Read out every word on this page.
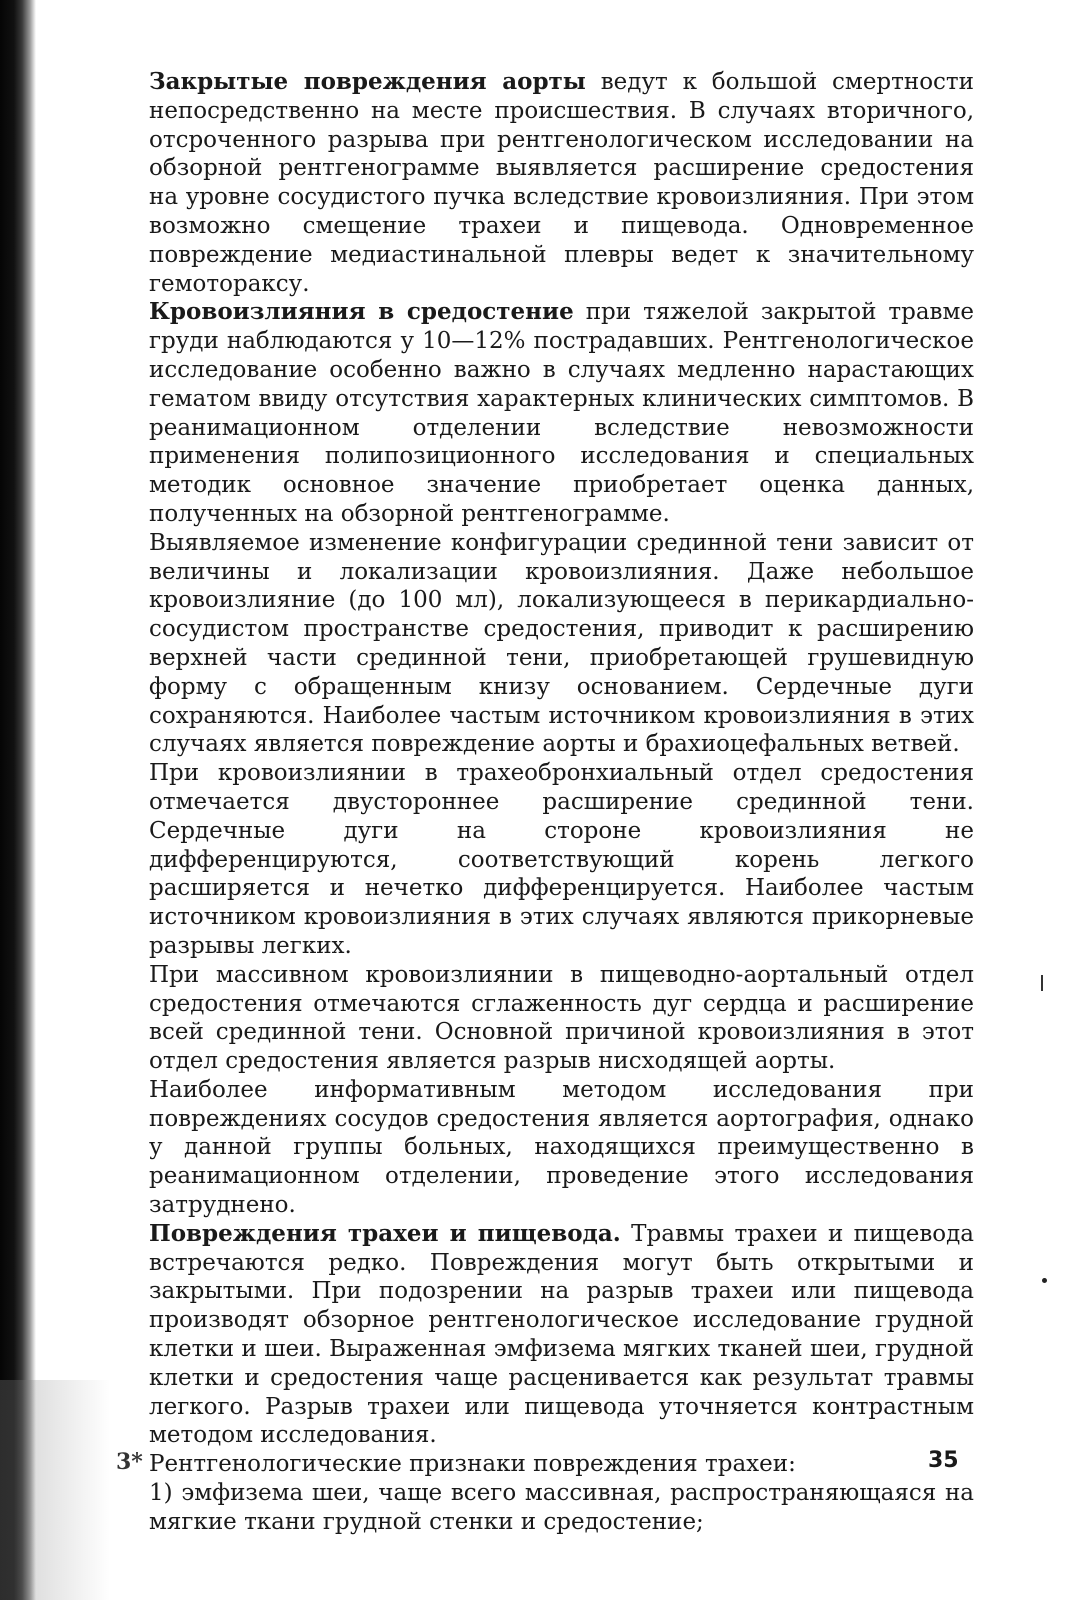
Закрытые повреждения аорты ведут к большой смертности непосредственно на месте происшествия. В случаях вторичного, отсроченного разрыва при рентгенологическом исследовании на обзорной рентгенограмме выявляется расширение средостения на уровне сосудистого пучка вследствие кровоизлияния. При этом возможно смещение трахеи и пищевода. Одновременное повреждение медиастинальной плевры ведет к значительному гемотораксу.

Кровоизлияния в средостение при тяжелой закрытой травме груди наблюдаются у 10—12% пострадавших. Рентгенологическое исследование особенно важно в случаях медленно нарастающих гематом ввиду отсутствия характерных клинических симптомов. В реанимационном отделении вследствие невозможности применения полипозиционного исследования и специальных методик основное значение приобретает оценка данных, полученных на обзорной рентгенограмме.

Выявляемое изменение конфигурации срединной тени зависит от величины и локализации кровоизлияния. Даже небольшое кровоизлияние (до 100 мл), локализующееся в перикардиально-сосудистом пространстве средостения, приводит к расширению верхней части срединной тени, приобретающей грушевидную форму с обращенным книзу основанием. Сердечные дуги сохраняются. Наиболее частым источником кровоизлияния в этих случаях является повреждение аорты и брахиоцефальных ветвей.

При кровоизлиянии в трахеобронхиальный отдел средостения отмечается двустороннее расширение срединной тени. Сердечные дуги на стороне кровоизлияния не дифференцируются, соответствующий корень легкого расширяется и нечетко дифференцируется. Наиболее частым источником кровоизлияния в этих случаях являются прикорневые разрывы легких.

При массивном кровоизлиянии в пищеводно-аортальный отдел средостения отмечаются сглаженность дуг сердца и расширение всей срединной тени. Основной причиной кровоизлияния в этот отдел средостения является разрыв нисходящей аорты.

Наиболее информативным методом исследования при повреждениях сосудов средостения является аортография, однако у данной группы больных, находящихся преимущественно в реанимационном отделении, проведение этого исследования затруднено.

Повреждения трахеи и пищевода. Травмы трахеи и пищевода встречаются редко. Повреждения могут быть открытыми и закрытыми. При подозрении на разрыв трахеи или пищевода производят обзорное рентгенологическое исследование грудной клетки и шеи. Выраженная эмфизема мягких тканей шеи, грудной клетки и средостения чаще расценивается как результат травмы легкого. Разрыв трахеи или пищевода уточняется контрастным методом исследования.

Рентгенологические признаки повреждения трахеи:

1) эмфизема шеи, чаще всего массивная, распространяющаяся на мягкие ткани грудной стенки и средостение;

3*	35
